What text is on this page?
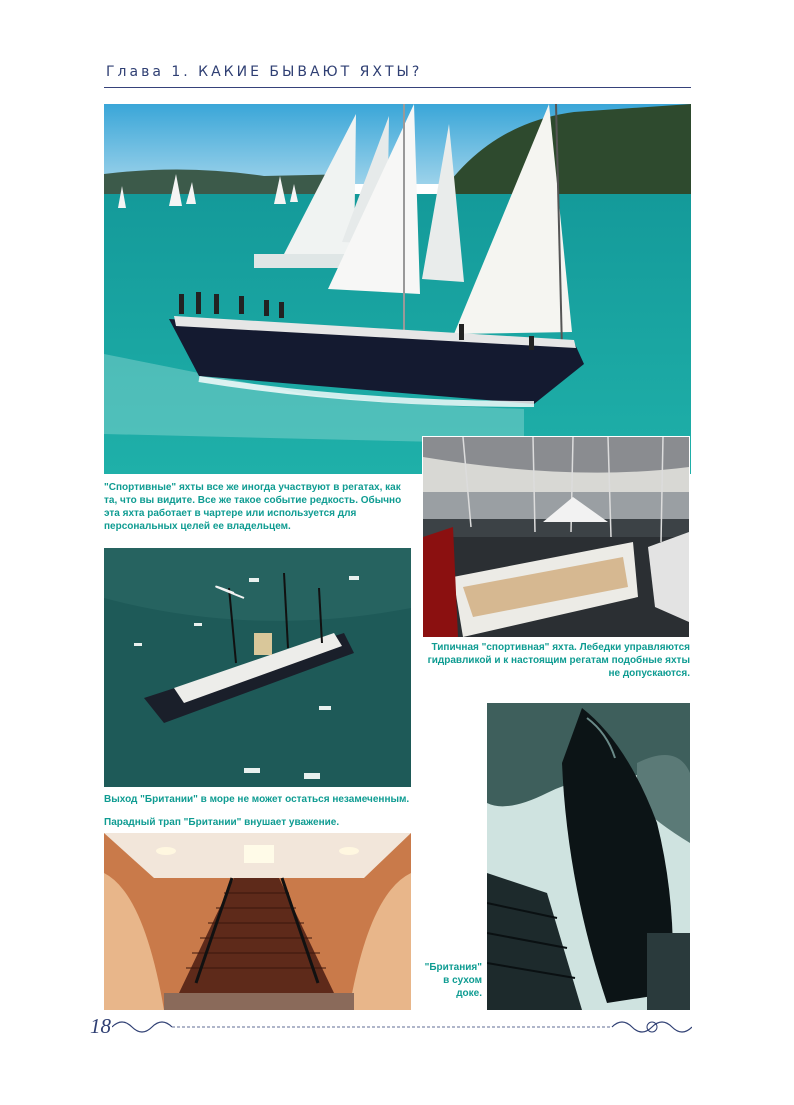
Глава 1. КАКИЕ БЫВАЮТ ЯХТЫ?
"Спортивные" яхты все же иногда участвуют в регатах, как та, что вы видите. Все же такое событие редкость. Обычно эта яхта работает в чартере или используется для персональных целей ее владельцем.
Типичная "спортивная" яхта. Лебедки управляются гидравликой и к настоящим регатам подобные яхты не допускаются.
Выход "Британии" в море не может остаться незамеченным.
Парадный трап "Британии" внушает уважение.
"Британия" в сухом доке.
18
